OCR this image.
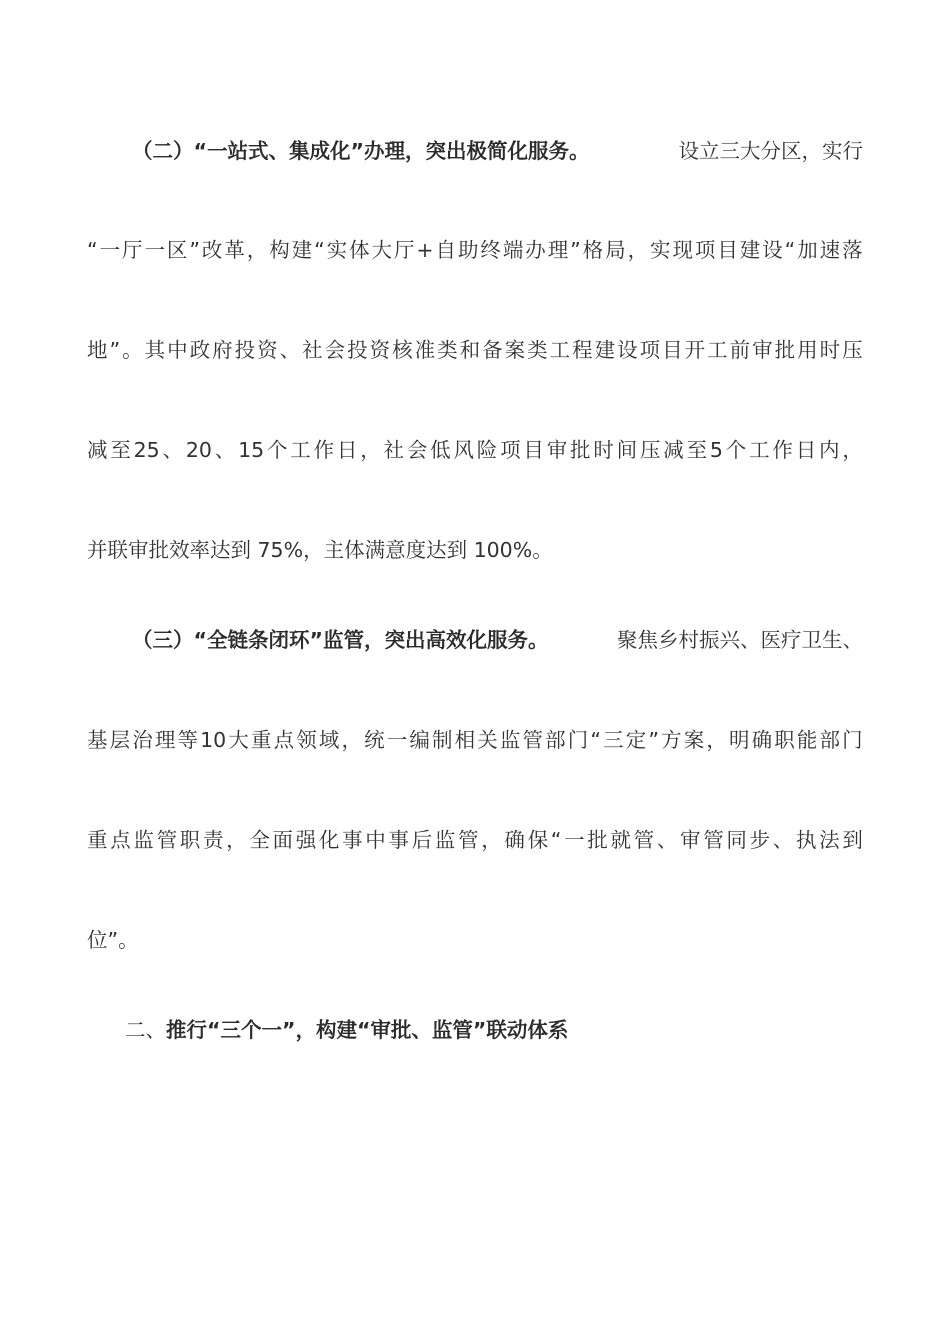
（二）“一站式、集成化”办理，突出极简化服务。	设立三大分区，实行
“ 一 厅 一 区 ” 改 革 ， 构 建 “ 实 体 大 厅 + 自 助 终 端 办 理 ” 格 局 ， 实 现 项 目 建 设 “ 加 速 落
地 ” 。 其 中 政 府 投 资 、 社 会 投 资 核 准 类 和 备 案 类 工 程 建 设 项 目 开 工 前 审 批 用 时 压
减 至 25 、 20 、 15 个 工 作 日 ， 社 会 低 风 险 项 目 审 批 时 间 压 减 至 5 个 工 作 日 内 ，
并联审批效率达到 75%，主体满意度达到 100%。
（三）“全链条闭环”监管，突出高效化服务。	聚焦乡村振兴、医疗卫生、
基 层 治 理 等 10 大 重 点 领 域 ， 统 一 编 制 相 关 监 管 部 门 “ 三 定 ” 方 案 ， 明 确 职 能 部 门
重 点 监 管 职 责 ， 全 面 强 化 事 中 事 后 监 管 ， 确 保 “ 一 批 就 管 、 审 管 同 步 、 执 法 到
位”。
二、推行“三个一”，构建“审批、监管”联动体系
